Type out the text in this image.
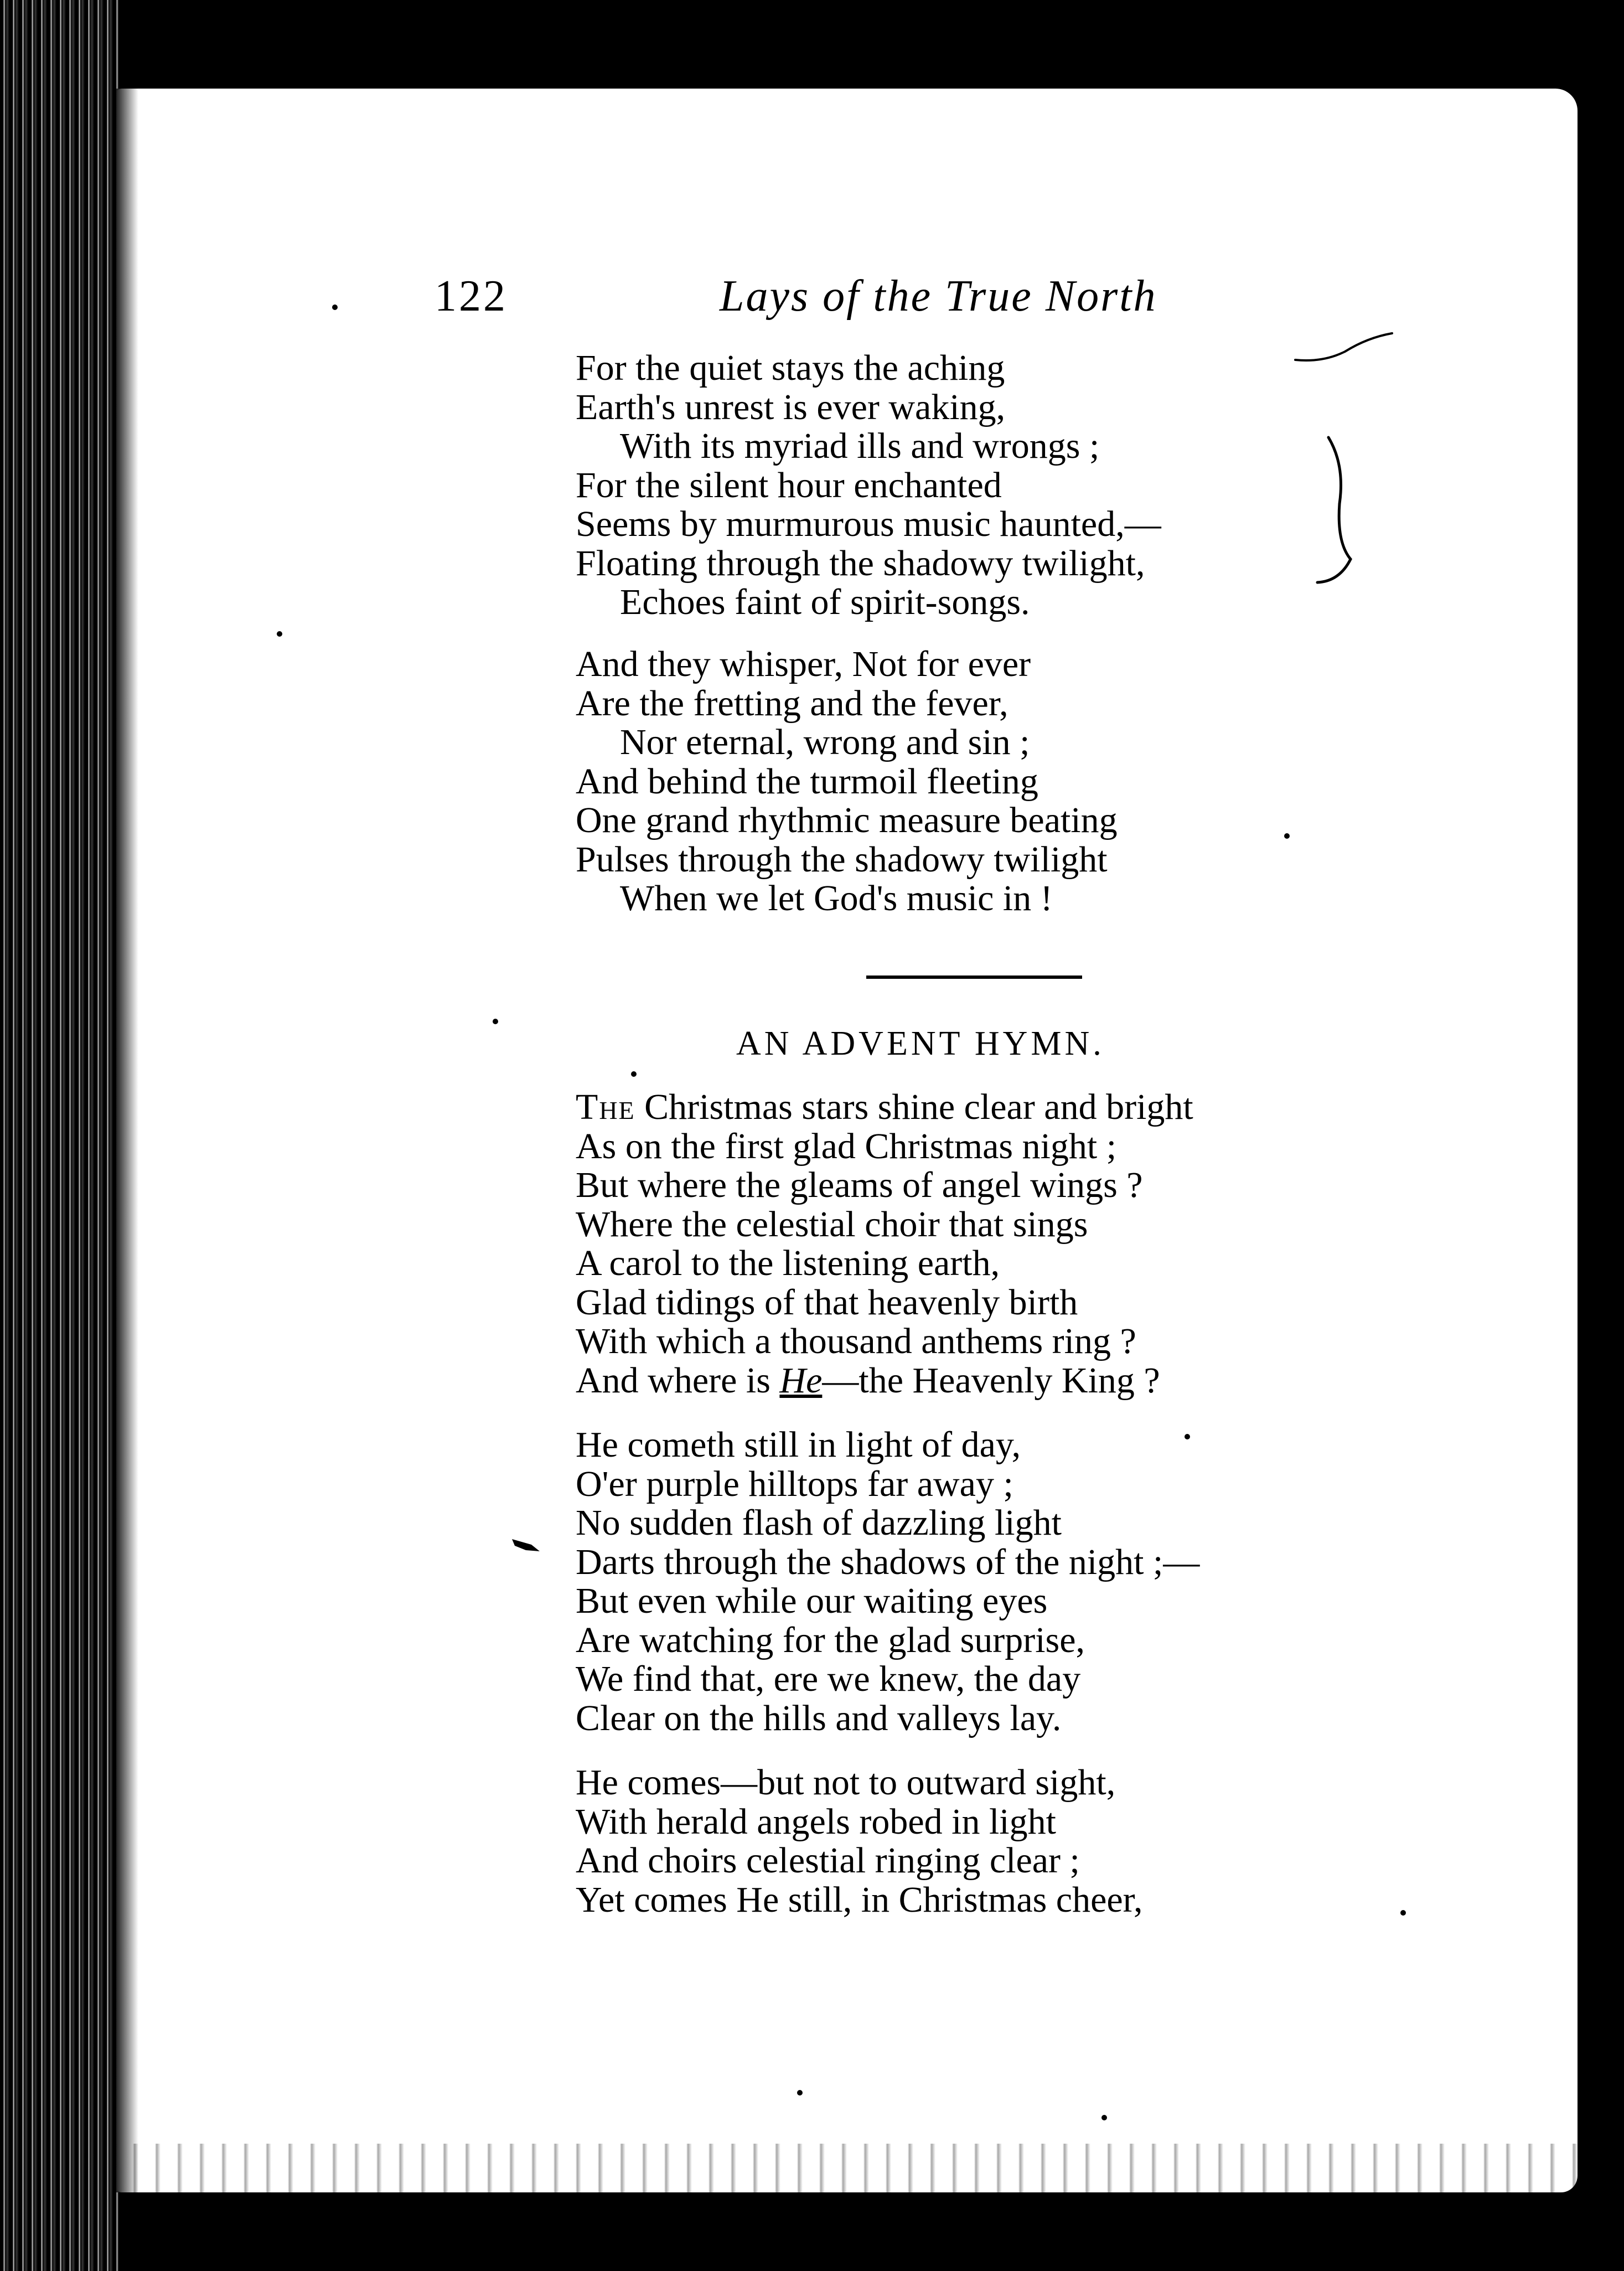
122	Lays of the True North
For the quiet stays the aching
Earth's unrest is ever waking,
With its myriad ills and wrongs ;
For the silent hour enchanted
Seems by murmurous music haunted,—
Floating through the shadowy twilight,
Echoes faint of spirit-songs.
And they whisper, Not for ever
Are the fretting and the fever,
Nor eternal, wrong and sin ;
And behind the turmoil fleeting
One grand rhythmic measure beating
Pulses through the shadowy twilight
When we let God's music in !
AN ADVENT HYMN.
The Christmas stars shine clear and bright
As on the first glad Christmas night ;
But where the gleams of angel wings ?
Where the celestial choir that sings
A carol to the listening earth,
Glad tidings of that heavenly birth
With which a thousand anthems ring ?
And where is He—the Heavenly King ?
He cometh still in light of day,
O'er purple hilltops far away ;
No sudden flash of dazzling light
Darts through the shadows of the night ;—
But even while our waiting eyes
Are watching for the glad surprise,
We find that, ere we knew, the day
Clear on the hills and valleys lay.
He comes—but not to outward sight,
With herald angels robed in light
And choirs celestial ringing clear ;
Yet comes He still, in Christmas cheer,
